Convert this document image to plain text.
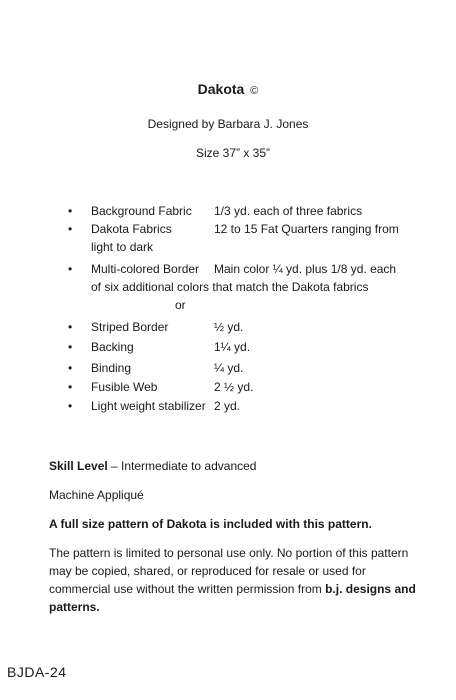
Dakota ©
Designed by Barbara J. Jones
Size 37” x 35”
• Background Fabric 1/3 yd. each of three fabrics
• Dakota Fabrics	12 to 15 Fat Quarters ranging from
light to dark
• Multi-colored Border Main color ¼ yd. plus 1/8 yd. each
of six additional colors that match the Dakota fabrics
or
• Striped Border	½ yd.
• Backing	1¼ yd.
• Binding	¼ yd.
• Fusible Web	2 ½ yd.
• Light weight stabilizer 2 yd.
Skill Level – Intermediate to advanced
Machine Appliqué
A full size pattern of Dakota is included with this pattern.
The pattern is limited to personal use only. No portion of this pattern may be copied, shared, or reproduced for resale or used for commercial use without the written permission from b.j. designs and patterns.
BJDA-24
